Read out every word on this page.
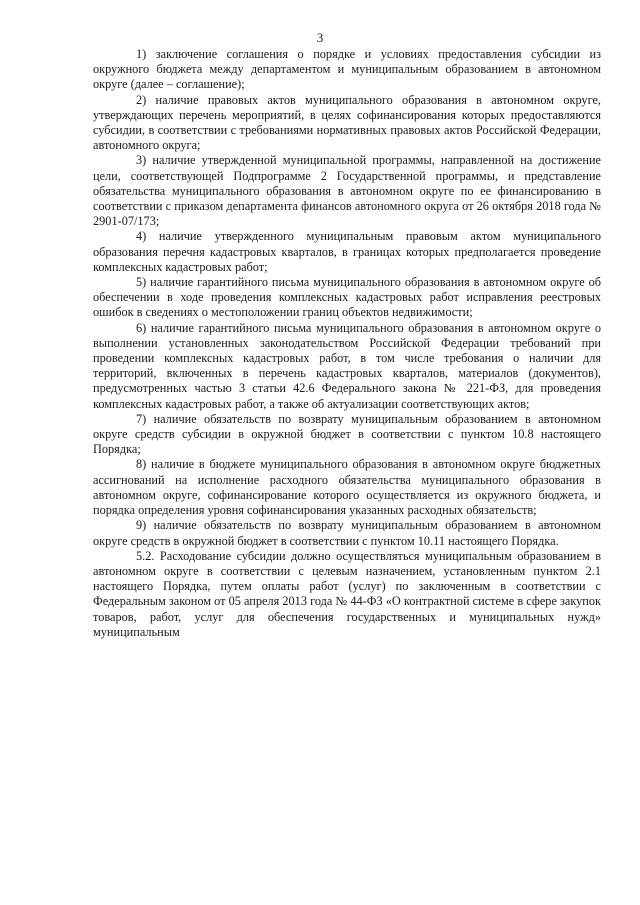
3

1) заключение соглашения о порядке и условиях предоставления субсидии из окружного бюджета между департаментом и муниципальным образованием в автономном округе (далее – соглашение);

2) наличие правовых актов муниципального образования в автономном округе, утверждающих перечень мероприятий, в целях софинансирования которых предоставляются субсидии, в соответствии с требованиями нормативных правовых актов Российской Федерации, автономного округа;

3) наличие утвержденной муниципальной программы, направленной на достижение цели, соответствующей Подпрограмме 2 Государственной программы, и представление обязательства муниципального образования в автономном округе по ее финансированию в соответствии с приказом департамента финансов автономного округа от 26 октября 2018 года № 2901-07/173;

4) наличие утвержденного муниципальным правовым актом муниципального образования перечня кадастровых кварталов, в границах которых предполагается проведение комплексных кадастровых работ;

5) наличие гарантийного письма муниципального образования в автономном округе об обеспечении в ходе проведения комплексных кадастровых работ исправления реестровых ошибок в сведениях о местоположении границ объектов недвижимости;

6) наличие гарантийного письма муниципального образования в автономном округе о выполнении установленных законодательством Российской Федерации требований при проведении комплексных кадастровых работ, в том числе требования о наличии для территорий, включенных в перечень кадастровых кварталов, материалов (документов), предусмотренных частью 3 статьи 42.6 Федерального закона № 221-ФЗ, для проведения комплексных кадастровых работ, а также об актуализации соответствующих актов;

7) наличие обязательств по возврату муниципальным образованием в автономном округе средств субсидии в окружной бюджет в соответствии с пунктом 10.8 настоящего Порядка;

8) наличие в бюджете муниципального образования в автономном округе бюджетных ассигнований на исполнение расходного обязательства муниципального образования в автономном округе, софинансирование которого осуществляется из окружного бюджета, и порядка определения уровня софинансирования указанных расходных обязательств;

9) наличие обязательств по возврату муниципальным образованием в автономном округе средств в окружной бюджет в соответствии с пунктом 10.11 настоящего Порядка.

5.2. Расходование субсидии должно осуществляться муниципальным образованием в автономном округе в соответствии с целевым назначением, установленным пунктом 2.1 настоящего Порядка, путем оплаты работ (услуг) по заключенным в соответствии с Федеральным законом от 05 апреля 2013 года № 44-ФЗ «О контрактной системе в сфере закупок товаров, работ, услуг для обеспечения государственных и муниципальных нужд» муниципальным
